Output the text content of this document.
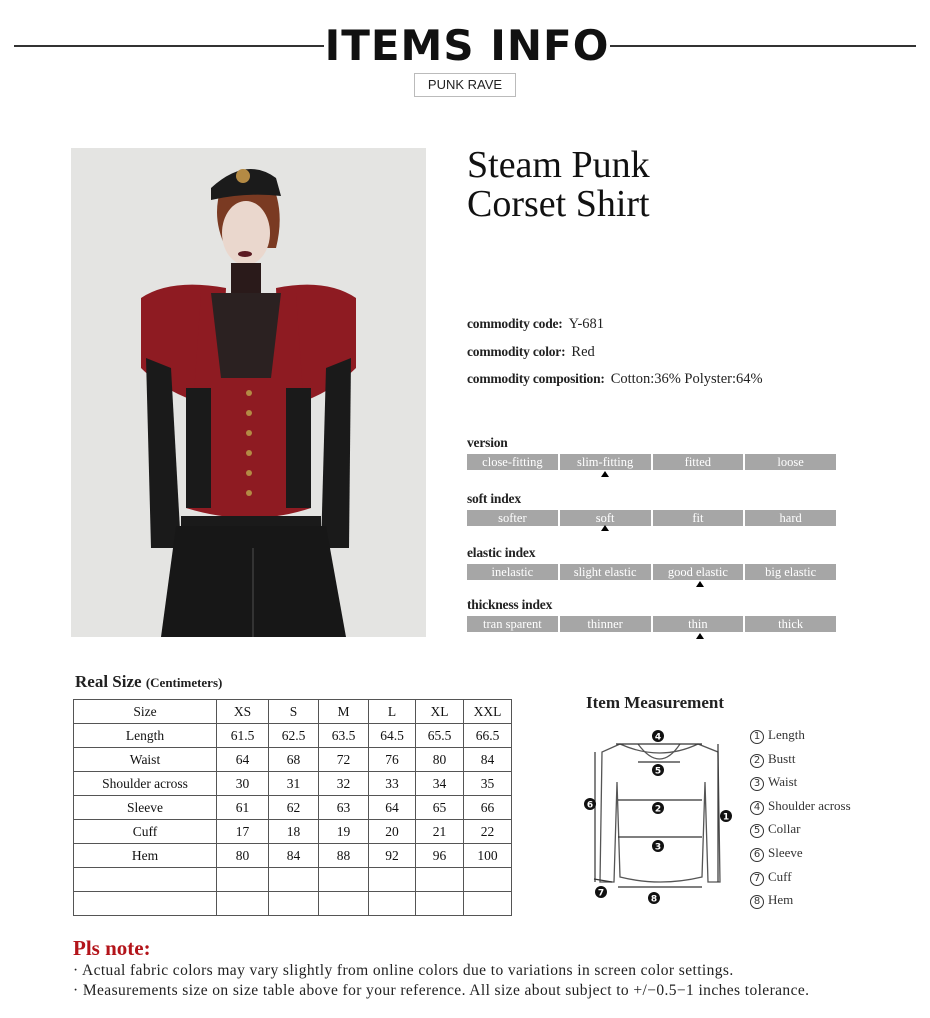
ITEMS INFO
PUNK RAVE
Steam Punk
Corset Shirt
commodity code: Y-681
commodity color: Red
commodity composition: Cotton:36% Polyster:64%
version
close-fitting	slim-fitting	fitted	loose
soft index
softer	soft	fit	hard
elastic index
inelastic	slight elastic	good elastic	big elastic
thickness index
tran sparent	thinner	thin	thick
Real Size (Centimeters)
Size	XS	S	M	L	XL	XXL
Length	61.5	62.5	63.5	64.5	65.5	66.5
Waist	64	68	72	76	80	84
Shoulder across	30	31	32	33	34	35
Sleeve	61	62	63	64	65	66
Cuff	17	18	19	20	21	22
Hem	80	84	88	92	96	100

Item Measurement
4
5
2
3
6
1
7
8
1 Length
2 Bustt
3 Waist
4 Shoulder across
5 Collar
6 Sleeve
7 Cuff
8 Hem
Pls note:
· Actual fabric colors may vary slightly from online colors due to variations in screen color settings.
· Measurements size on size table above for your reference. All size about subject to +/−0.5−1 inches tolerance.
